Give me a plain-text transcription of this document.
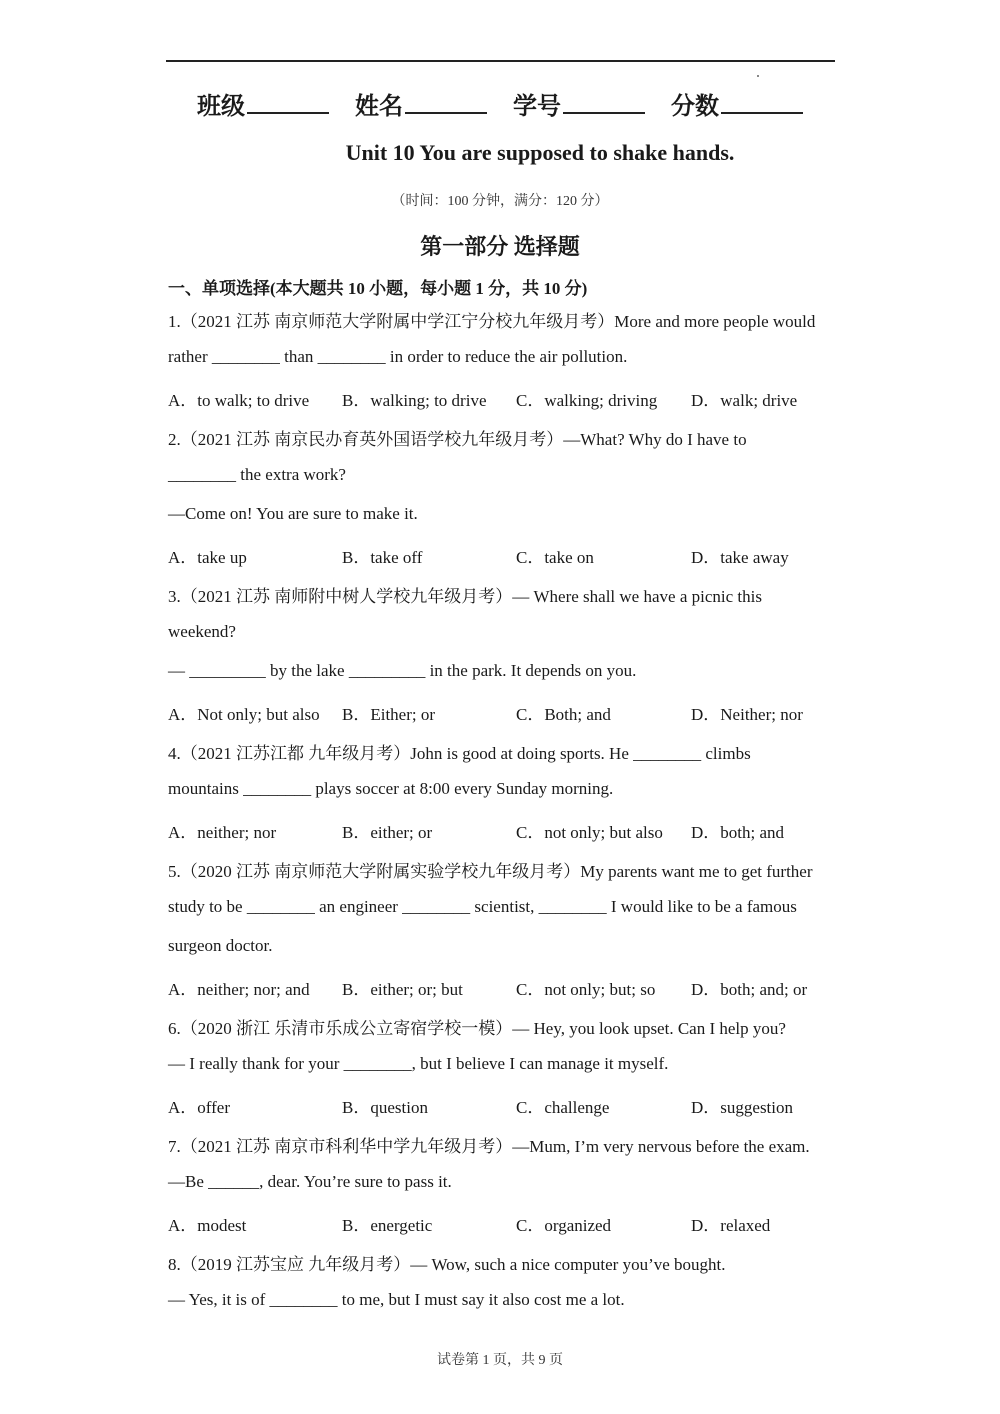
班级	姓名	学号	分数
Unit 10 You are supposed to shake hands.
（时间：100 分钟，满分：120 分）
第一部分 选择题
一、单项选择(本大题共 10 小题，每小题 1 分，共 10 分)
1.（2021 江苏 南京师范大学附属中学江宁分校九年级月考）More and more people would
rather ________ than ________ in order to reduce the air pollution.
A．to walk; to drive B．walking; to drive C．walking; driving D．walk; drive
2.（2021 江苏 南京民办育英外国语学校九年级月考）—What? Why do I have to
________ the extra work?
—Come on! You are sure to make it.
A．take up	B．take off	C．take on	D．take away
3.（2021 江苏 南师附中树人学校九年级月考）— Where shall we have a picnic this
weekend?
— _________ by the lake _________ in the park. It depends on you.
A．Not only; but also B．Either; or	C．Both; and	D．Neither; nor
4.（2021 江苏江都 九年级月考）John is good at doing sports. He ________ climbs
mountains ________ plays soccer at 8:00 every Sunday morning.
A．neither; nor	B．either; or	C．not only; but also D．both; and
5.（2020 江苏 南京师范大学附属实验学校九年级月考）My parents want me to get further
study to be ________ an engineer ________ scientist, ________ I would like to be a famous
surgeon doctor.
A．neither; nor; and B．either; or; but	C．not only; but; so D．both; and; or
6.（2020 浙江 乐清市乐成公立寄宿学校一模）— Hey, you look upset. Can I help you?
— I really thank for your ________, but I believe I can manage it myself.
A．offer	B．question	C．challenge	D．suggestion
7.（2021 江苏 南京市科利华中学九年级月考）—Mum, I’m very nervous before the exam.
—Be ______, dear. You’re sure to pass it.
A．modest	B．energetic	C．organized	D．relaxed
8.（2019 江苏宝应 九年级月考）— Wow, such a nice computer you’ve bought.
— Yes, it is of ________ to me, but I must say it also cost me a lot.
试卷第 1 页，共 9 页
